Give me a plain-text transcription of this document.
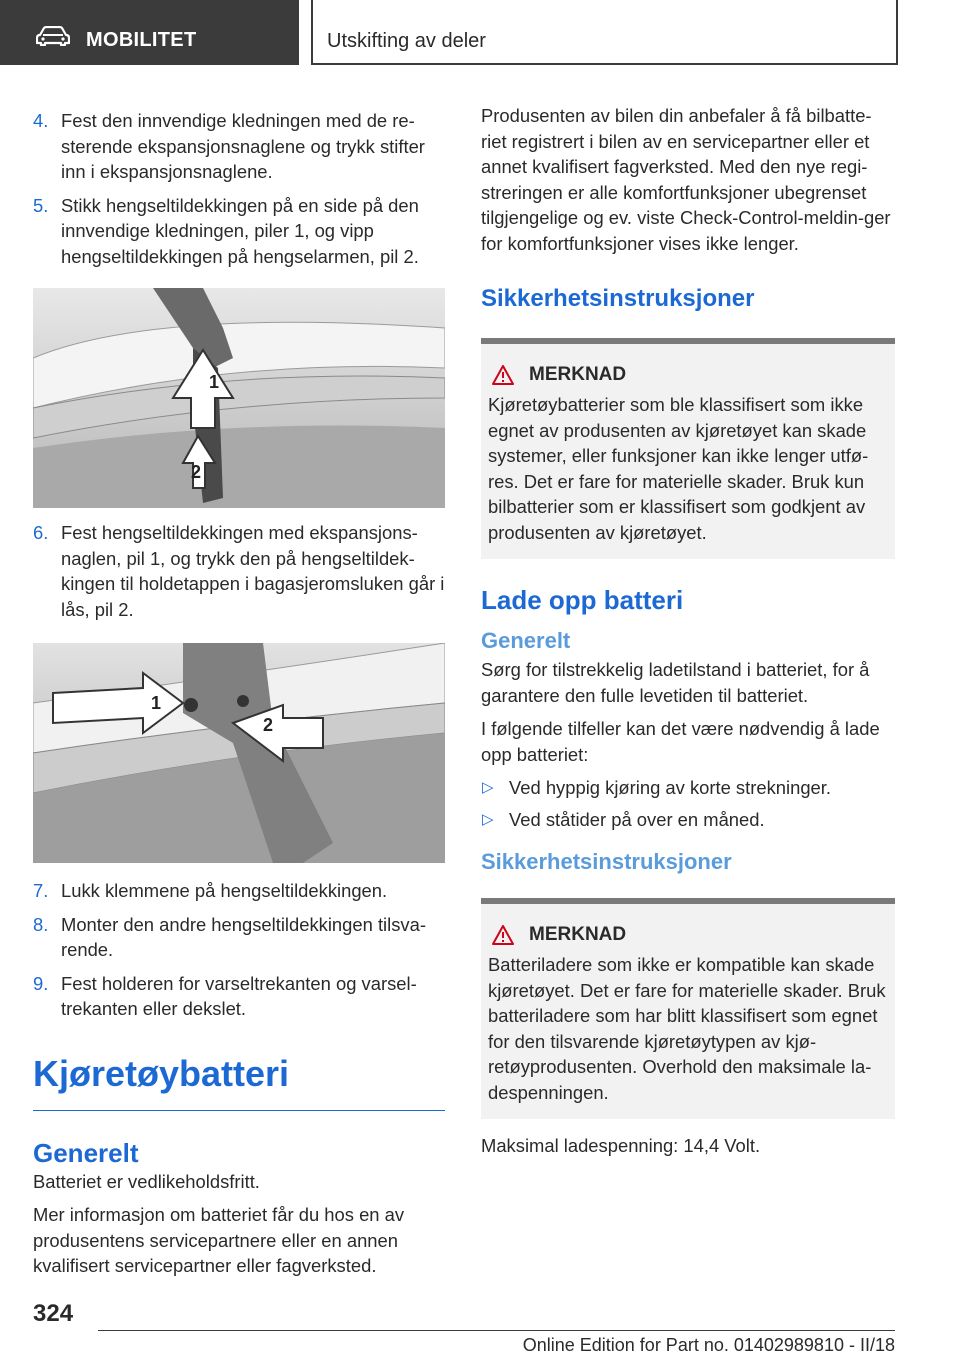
MOBILITET	Utskifting av deler
4. Fest den innvendige kledningen med de re-sterende ekspansjonsnaglene og trykk stifter inn i ekspansjonsnaglene.
5. Stikk hengseltildekkingen på en side på den innvendige kledningen, piler 1, og vipp hengseltildekkingen på hengselarmen, pil 2.
1
2
6. Fest hengseltildekkingen med ekspansjons-naglen, pil 1, og trykk den på hengseltildek-kingen til holdetappen i bagasjeromsluken går i lås, pil 2.
1
2
7. Lukk klemmene på hengseltildekkingen.
8. Monter den andre hengseltildekkingen tilsva-rende.
9. Fest holderen for varseltrekanten og varsel-trekanten eller dekslet.
Kjøretøybatteri
Generelt

Batteriet er vedlikeholdsfritt.

Mer informasjon om batteriet får du hos en av produsentens servicepartnere eller en annen kvalifisert servicepartner eller fagverksted.

Produsenten av bilen din anbefaler å få bilbatte-riet registrert i bilen av en servicepartner eller et annet kvalifisert fagverksted. Med den nye regi-streringen er alle komfortfunksjoner ubegrenset tilgjengelige og ev. viste Check-Control-meldin-ger for komfortfunksjoner vises ikke lenger.

Sikkerhetsinstruksjoner
MERKNAD
Kjøretøybatterier som ble klassifisert som ikke egnet av produsenten av kjøretøyet kan skade systemer, eller funksjoner kan ikke lenger utfø-res. Det er fare for materielle skader. Bruk kun bilbatterier som er klassifisert som godkjent av produsenten av kjøretøyet.
Lade opp batteri
Generelt

Sørg for tilstrekkelig ladetilstand i batteriet, for å garantere den fulle levetiden til batteriet.

I følgende tilfeller kan det være nødvendig å lade opp batteriet:

▷ Ved hyppig kjøring av korte strekninger.
▷ Ved ståtider på over en måned.
Sikkerhetsinstruksjoner
MERKNAD
Batteriladere som ikke er kompatible kan skade kjøretøyet. Det er fare for materielle skader. Bruk batteriladere som har blitt klassifisert som egnet for den tilsvarende kjøretøytypen av kjø-retøyprodusenten. Overhold den maksimale la-despenningen.

Maksimal ladespenning: 14,4 Volt.

324
Online Edition for Part no. 01402989810 - II/18
